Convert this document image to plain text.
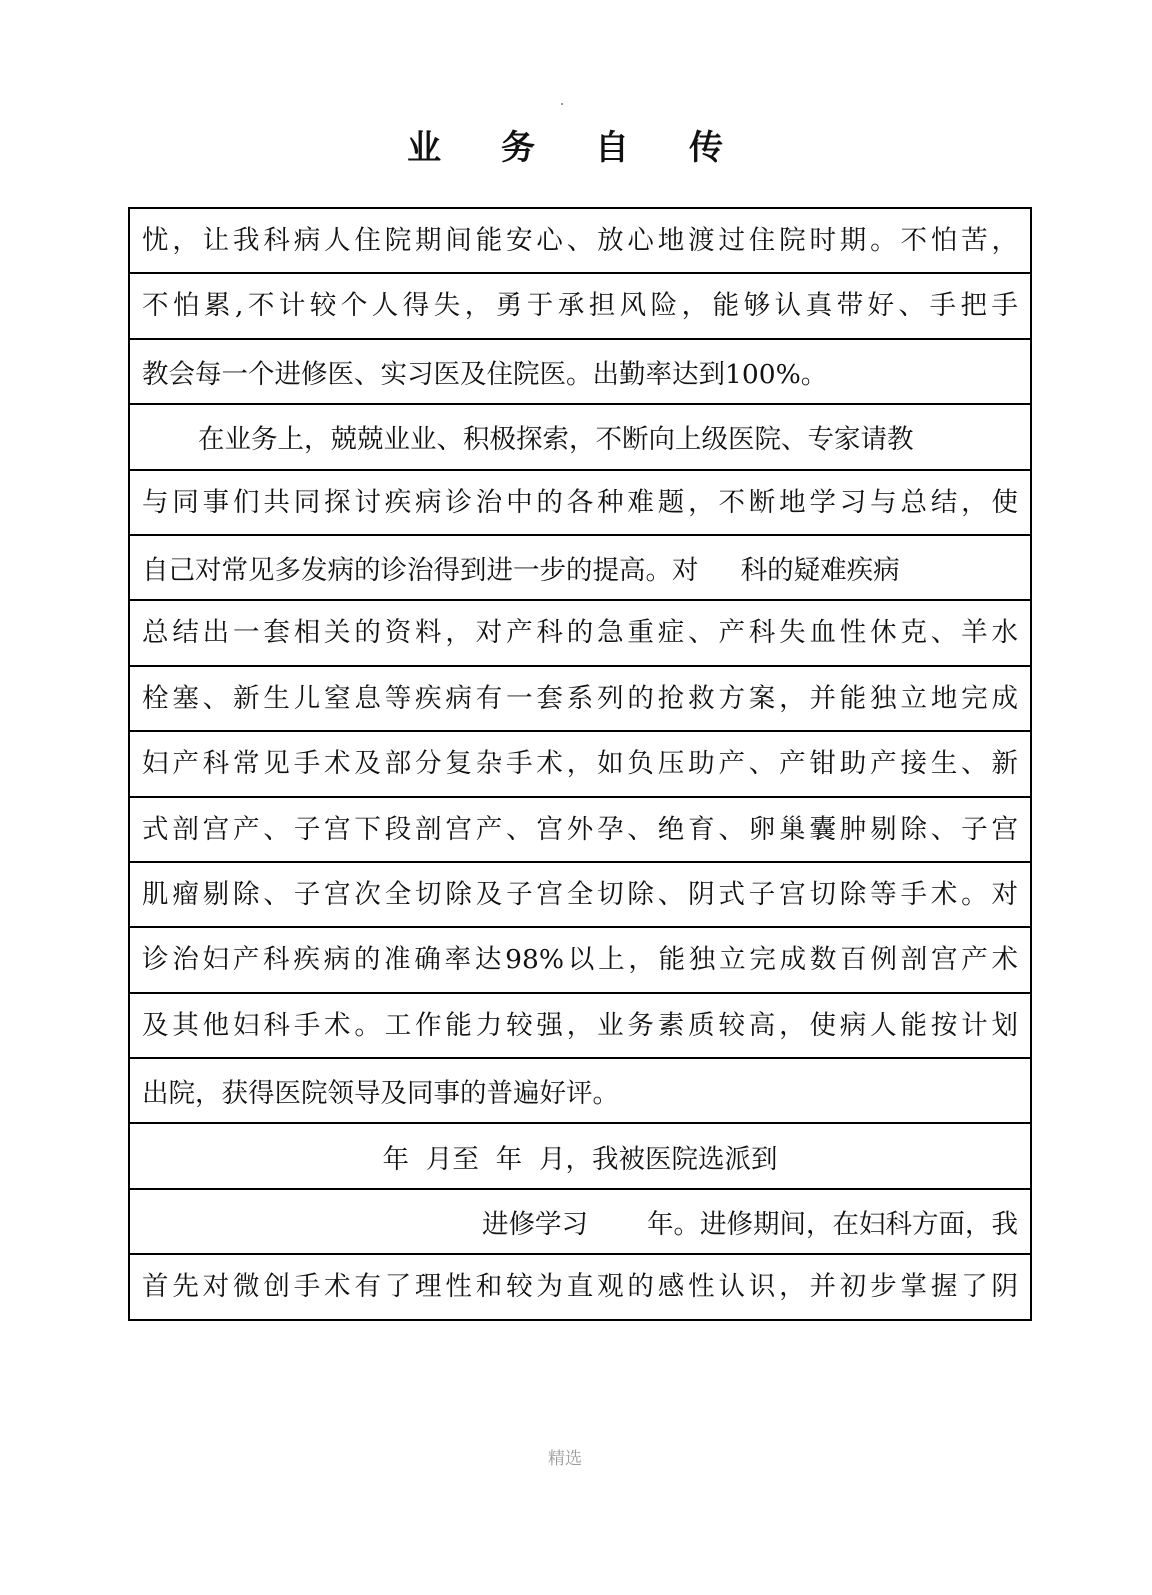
业务自传
忧，让我科病人住院期间能安心、放心地渡过住院时期。不怕苦，
不怕累,不计较个人得失，勇于承担风险，能够认真带好、手把手
教会每一个进修医、实习医及住院医。出勤率达到100%。
在业务上，兢兢业业、积极探索，不断向上级医院、专家请教
与同事们共同探讨疾病诊治中的各种难题，不断地学习与总结，使
自己对常见多发病的诊治得到进一步的提高。对     科的疑难疾病
总结出一套相关的资料，对产科的急重症、产科失血性休克、羊水
栓塞、新生儿窒息等疾病有一套系列的抢救方案，并能独立地完成
妇产科常见手术及部分复杂手术，如负压助产、产钳助产接生、新
式剖宫产、子宫下段剖宫产、宫外孕、绝育、卵巢囊肿剔除、子宫
肌瘤剔除、子宫次全切除及子宫全切除、阴式子宫切除等手术。对
诊治妇产科疾病的准确率达98%以上，能独立完成数百例剖宫产术
及其他妇科手术。工作能力较强，业务素质较高，使病人能按计划
出院，获得医院领导及同事的普遍好评。
年  月至  年  月，我被医院选派到
进修学习       年。进修期间，在妇科方面，我
首先对微创手术有了理性和较为直观的感性认识，并初步掌握了阴
精选
